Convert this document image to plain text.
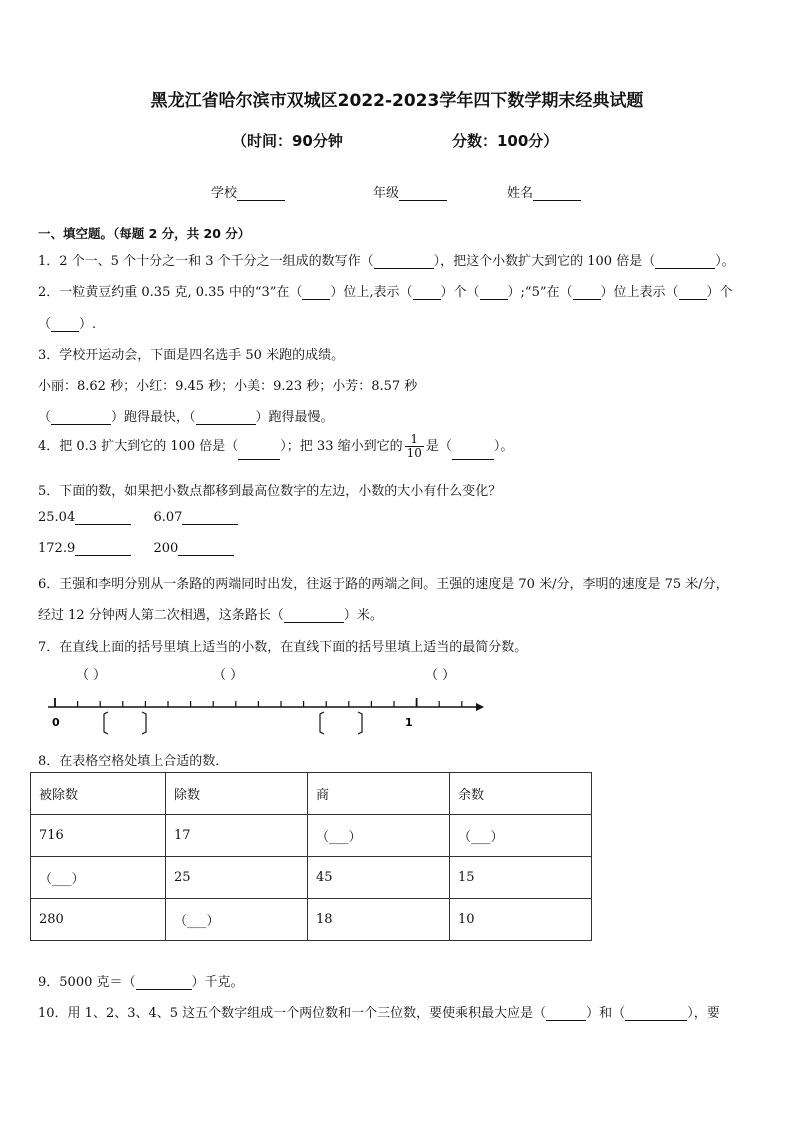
黑龙江省哈尔滨市双城区2022-2023学年四下数学期末经典试题
（时间：90分钟	分数：100分）
学校	年级	姓名
一、填空题。（每题 2 分，共 20 分）
1．2 个一、5 个十分之一和 3 个千分之一组成的数写作（	），把这个小数扩大到它的 100 倍是（	）。
2．一粒黄豆约重 0.35 克, 0.35 中的“3”在（ ）位上,表示（ ）个（ ）;“5”在（ ）位上表示（ ）个
（ ）.
3．学校开运动会，下面是四名选手 50 米跑的成绩。
小丽：8.62 秒；小红：9.45 秒；小美：9.23 秒；小芳：8.57 秒
（	）跑得最快，（	）跑得最慢。
4．把 0.3 扩大到它的 100 倍是（	）；把 33 缩小到它的 $\frac{1}{10}$ 是（	）。
5．下面的数，如果把小数点都移到最高位数字的左边，小数的大小有什么变化？
25.04	6.07
172.9	200
6．王强和李明分别从一条路的两端同时出发，往返于路的两端之间。王强的速度是 70 米/分，李明的速度是 75 米/分，
经过 12 分钟两人第二次相遇，这条路长（	）米。
7．在直线上面的括号里填上适当的小数，在直线下面的括号里填上适当的最简分数。
（ ）	（ ）	（ ）
0	1
8．在表格空格处填上合适的数．
被除数	除数	商	余数
716	17	（___）	（___）
（___）	25	45	15
280	（___）	18	10
9．5000 克＝（	）千克。
10．用 1、2、3、4、5 这五个数字组成一个两位数和一个三位数，要使乘积最大应是（	）和（	），要
